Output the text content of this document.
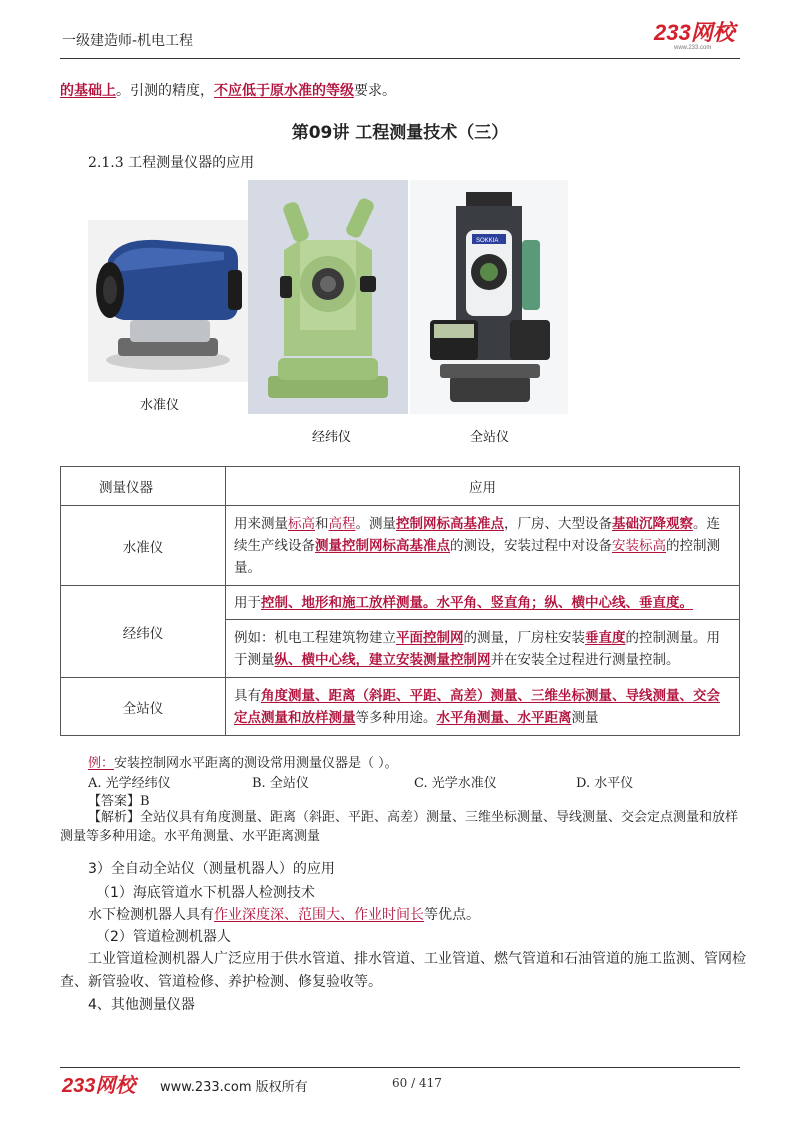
一级建造师-机电工程	233网校
www.233.com
的基础上。引测的精度，不应低于原水准的等级要求。
第09讲 工程测量技术（三）
2.1.3 工程测量仪器的应用
SOKKIA
水准仪
经纬仪	全站仪
测量仪器	应用
水准仪	用来测量标高和高程。测量控制网标高基准点，厂房、大型设备基础沉降观察。连续生产线设备测量控制网标高基准点的测设，安装过程中对设备安装标高的控制测量。
经纬仪	用于控制、地形和施工放样测量。水平角、竖直角；纵、横中心线、垂直度。
	例如：机电工程建筑物建立平面控制网的测量，厂房柱安装垂直度的控制测量。用于测量纵、横中心线，建立安装测量控制网并在安装全过程进行测量控制。
全站仪	具有角度测量、距离（斜距、平距、高差）测量、三维坐标测量、导线测量、交会定点测量和放样测量等多种用途。水平角测量、水平距离测量
例：安装控制网水平距离的测设常用测量仪器是（ ）。
A. 光学经纬仪	B. 全站仪	C. 光学水准仪	D. 水平仪
【答案】B
【解析】全站仪具有角度测量、距离（斜距、平距、高差）测量、三维坐标测量、导线测量、交会定点测量和放样测量等多种用途。水平角测量、水平距离测量
3）全自动全站仪（测量机器人）的应用
（1）海底管道水下机器人检测技术
水下检测机器人具有作业深度深、范围大、作业时间长等优点。
（2）管道检测机器人
工业管道检测机器人广泛应用于供水管道、排水管道、工业管道、燃气管道和石油管道的施工监测、管网检查、新管验收、管道检修、养护检测、修复验收等。
4、其他测量仪器
233网校	www.233.com 版权所有	60 / 417
